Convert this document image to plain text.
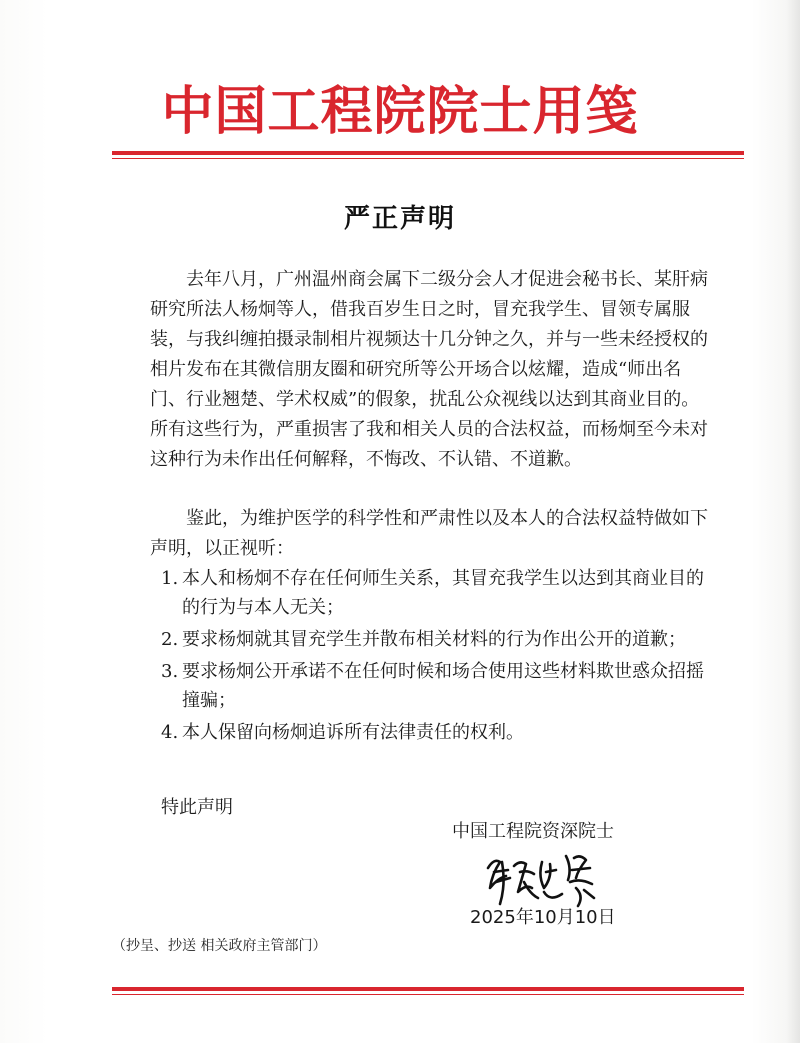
中国工程院院士用笺
严正声明

去年八月，广州温州商会属下二级分会人才促进会秘书长、某肝病研究所法人杨炯等人，借我百岁生日之时，冒充我学生、冒领专属服装，与我纠缠拍摄录制相片视频达十几分钟之久，并与一些未经授权的相片发布在其微信朋友圈和研究所等公开场合以炫耀，造成“师出名门、行业翘楚、学术权威”的假象，扰乱公众视线以达到其商业目的。所有这些行为，严重损害了我和相关人员的合法权益，而杨炯至今未对这种行为未作出任何解释，不悔改、不认错、不道歉。

鉴此，为维护医学的科学性和严肃性以及本人的合法权益特做如下声明，以正视听：

1. 本人和杨炯不存在任何师生关系，其冒充我学生以达到其商业目的的行为与本人无关；
2. 要求杨炯就其冒充学生并散布相关材料的行为作出公开的道歉；
3. 要求杨炯公开承诺不在任何时候和场合使用这些材料欺世惑众招摇撞骗；
4. 本人保留向杨炯追诉所有法律责任的权利。
特此声明
中国工程院资深院士
2025年10月10日
（抄呈、抄送 相关政府主管部门）
